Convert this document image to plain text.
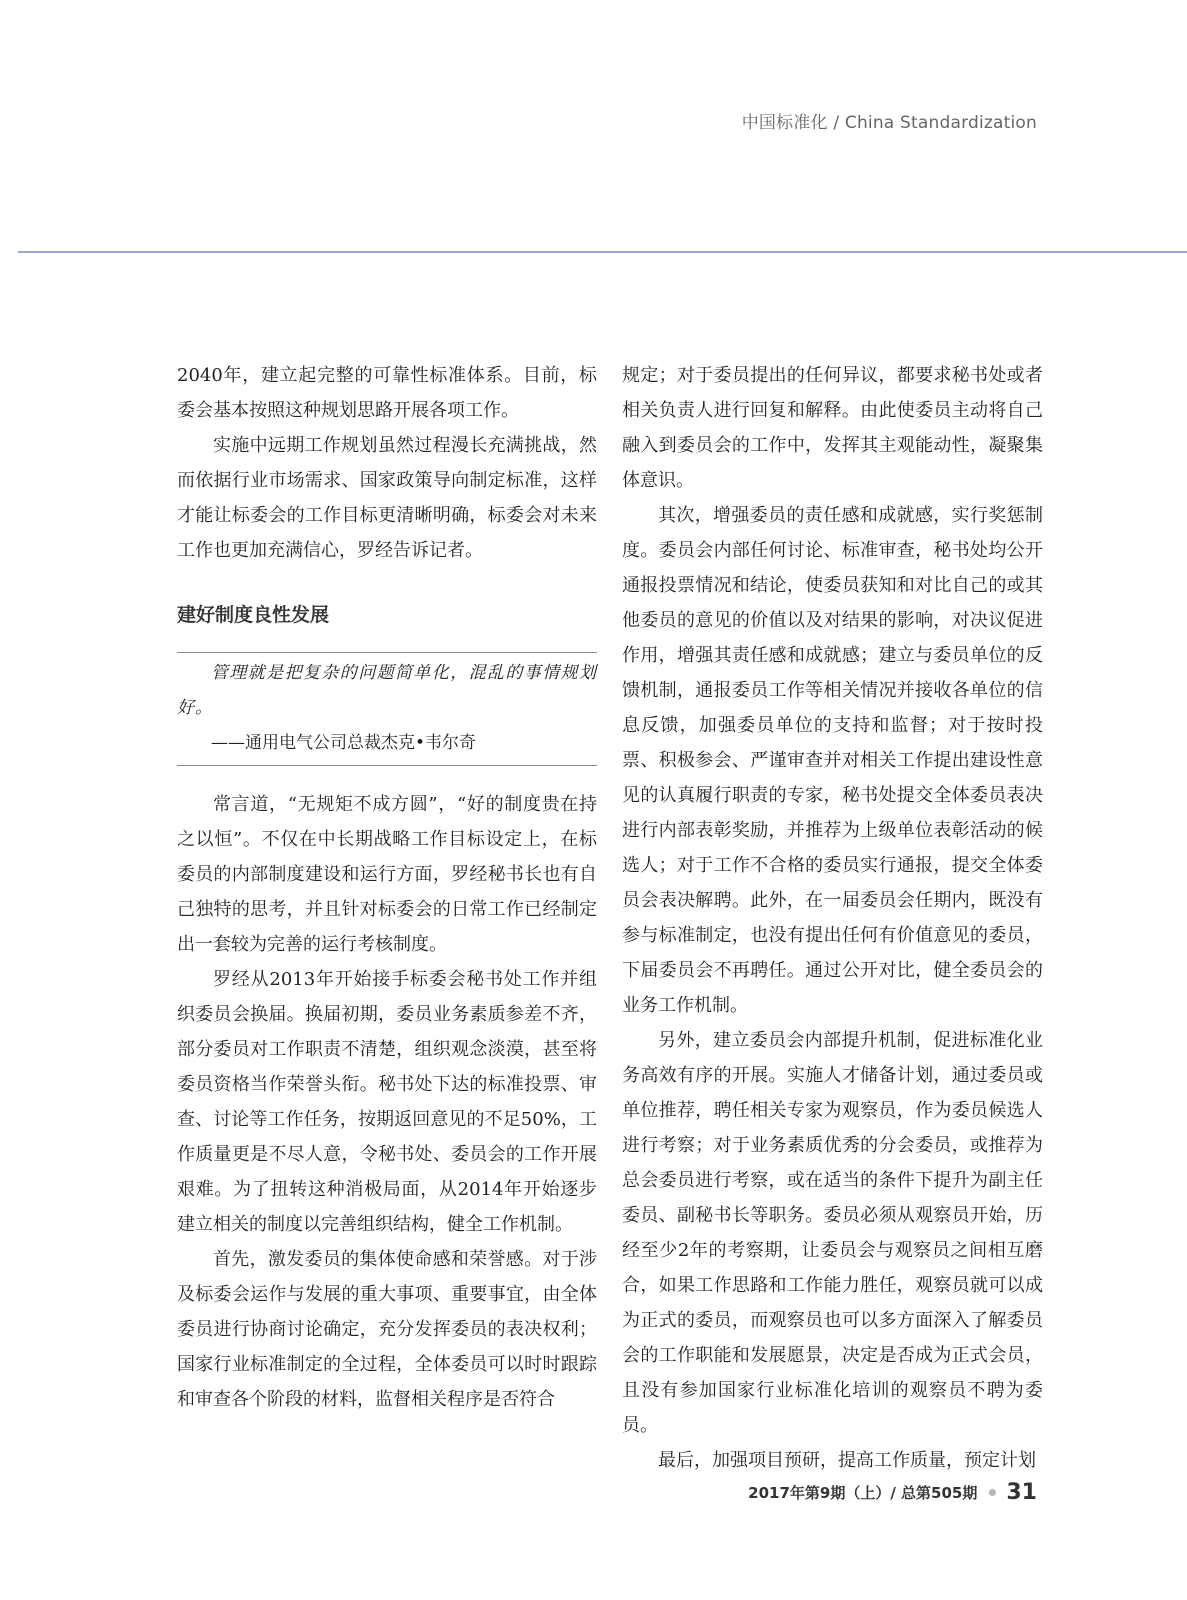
中国标准化 / China Standardization

2040年，建立起完整的可靠性标准体系。目前，标委会基本按照这种规划思路开展各项工作。

实施中远期工作规划虽然过程漫长充满挑战，然而依据行业市场需求、国家政策导向制定标准，这样才能让标委会的工作目标更清晰明确，标委会对未来工作也更加充满信心，罗经告诉记者。

建好制度良性发展

管理就是把复杂的问题简单化，混乱的事情规划好。

——通用电气公司总裁杰克•韦尔奇

常言道，“无规矩不成方圆”，“好的制度贵在持之以恒”。不仅在中长期战略工作目标设定上，在标委员的内部制度建设和运行方面，罗经秘书长也有自己独特的思考，并且针对标委会的日常工作已经制定出一套较为完善的运行考核制度。

罗经从2013年开始接手标委会秘书处工作并组织委员会换届。换届初期，委员业务素质参差不齐，部分委员对工作职责不清楚，组织观念淡漠，甚至将委员资格当作荣誉头衔。秘书处下达的标准投票、审查、讨论等工作任务，按期返回意见的不足50%，工作质量更是不尽人意，令秘书处、委员会的工作开展艰难。为了扭转这种消极局面，从2014年开始逐步建立相关的制度以完善组织结构，健全工作机制。

首先，激发委员的集体使命感和荣誉感。对于涉及标委会运作与发展的重大事项、重要事宜，由全体委员进行协商讨论确定，充分发挥委员的表决权利；国家行业标准制定的全过程，全体委员可以时时跟踪和审查各个阶段的材料，监督相关程序是否符合

规定；对于委员提出的任何异议，都要求秘书处或者相关负责人进行回复和解释。由此使委员主动将自己融入到委员会的工作中，发挥其主观能动性，凝聚集体意识。

其次，增强委员的责任感和成就感，实行奖惩制度。委员会内部任何讨论、标准审查，秘书处均公开通报投票情况和结论，使委员获知和对比自己的或其他委员的意见的价值以及对结果的影响，对决议促进作用，增强其责任感和成就感；建立与委员单位的反馈机制，通报委员工作等相关情况并接收各单位的信息反馈，加强委员单位的支持和监督；对于按时投票、积极参会、严谨审查并对相关工作提出建设性意见的认真履行职责的专家，秘书处提交全体委员表决进行内部表彰奖励，并推荐为上级单位表彰活动的候选人；对于工作不合格的委员实行通报，提交全体委员会表决解聘。此外，在一届委员会任期内，既没有参与标准制定，也没有提出任何有价值意见的委员，下届委员会不再聘任。通过公开对比，健全委员会的业务工作机制。

另外，建立委员会内部提升机制，促进标准化业务高效有序的开展。实施人才储备计划，通过委员或单位推荐，聘任相关专家为观察员，作为委员候选人进行考察；对于业务素质优秀的分会委员，或推荐为总会委员进行考察，或在适当的条件下提升为副主任委员、副秘书长等职务。委员必须从观察员开始，历经至少2年的考察期，让委员会与观察员之间相互磨合，如果工作思路和工作能力胜任，观察员就可以成为正式的委员，而观察员也可以多方面深入了解委员会的工作职能和发展愿景，决定是否成为正式会员，且没有参加国家行业标准化培训的观察员不聘为委员。

最后，加强项目预研，提高工作质量，预定计划

2017年第9期（上）/ 总第505期 31
